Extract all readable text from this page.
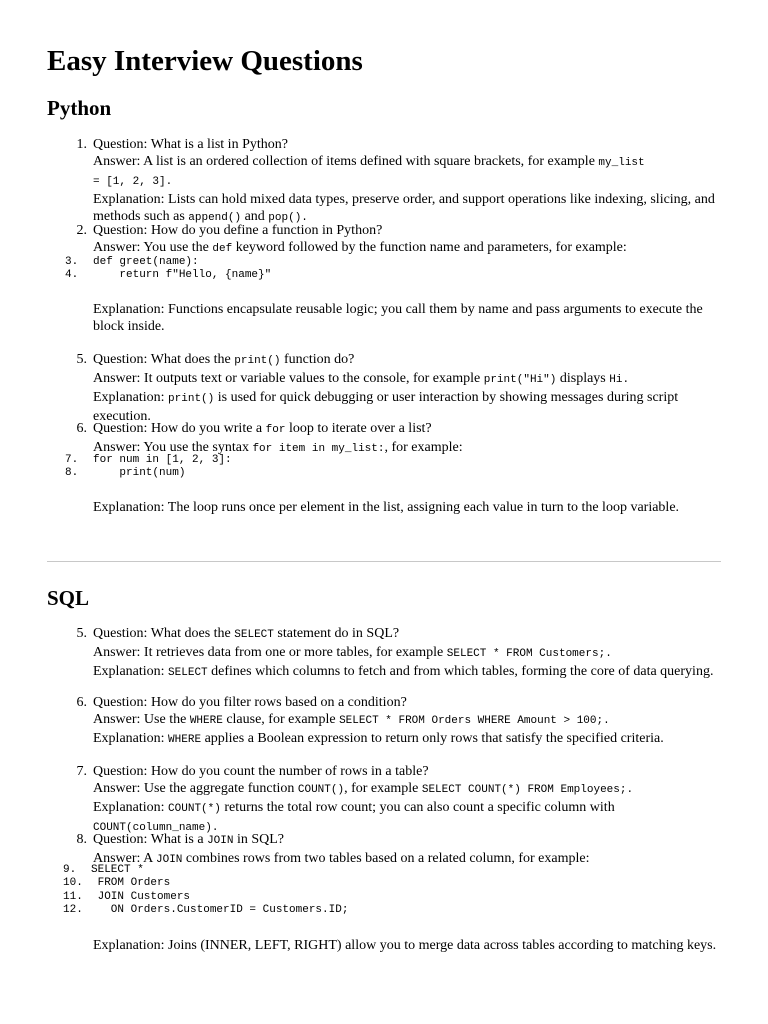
Easy Interview Questions
Python
1. Question: What is a list in Python?
Answer: A list is an ordered collection of items defined with square brackets, for example my_list
= [1, 2, 3].
Explanation: Lists can hold mixed data types, preserve order, and support operations like indexing, slicing, and methods such as append() and pop().
2. Question: How do you define a function in Python?
Answer: You use the def keyword followed by the function name and parameters, for example:
3. def greet(name):
4.    return f"Hello, {name}"
Explanation: Functions encapsulate reusable logic; you call them by name and pass arguments to execute the block inside.
5. Question: What does the print() function do?
Answer: It outputs text or variable values to the console, for example print("Hi") displays Hi.
Explanation: print() is used for quick debugging or user interaction by showing messages during script execution.
6. Question: How do you write a for loop to iterate over a list?
Answer: You use the syntax for item in my_list:, for example:
7. for num in [1, 2, 3]:
8.    print(num)
Explanation: The loop runs once per element in the list, assigning each value in turn to the loop variable.
SQL
5. Question: What does the SELECT statement do in SQL?
Answer: It retrieves data from one or more tables, for example SELECT * FROM Customers;.
Explanation: SELECT defines which columns to fetch and from which tables, forming the core of data querying.
6. Question: How do you filter rows based on a condition?
Answer: Use the WHERE clause, for example SELECT * FROM Orders WHERE Amount > 100;.
Explanation: WHERE applies a Boolean expression to return only rows that satisfy the specified criteria.
7. Question: How do you count the number of rows in a table?
Answer: Use the aggregate function COUNT(), for example SELECT COUNT(*) FROM Employees;.
Explanation: COUNT(*) returns the total row count; you can also count a specific column with COUNT(column_name).
8. Question: What is a JOIN in SQL?
Answer: A JOIN combines rows from two tables based on a related column, for example:
9. SELECT *
10. FROM Orders
11. JOIN Customers
12.   ON Orders.CustomerID = Customers.ID;
Explanation: Joins (INNER, LEFT, RIGHT) allow you to merge data across tables according to matching keys.
